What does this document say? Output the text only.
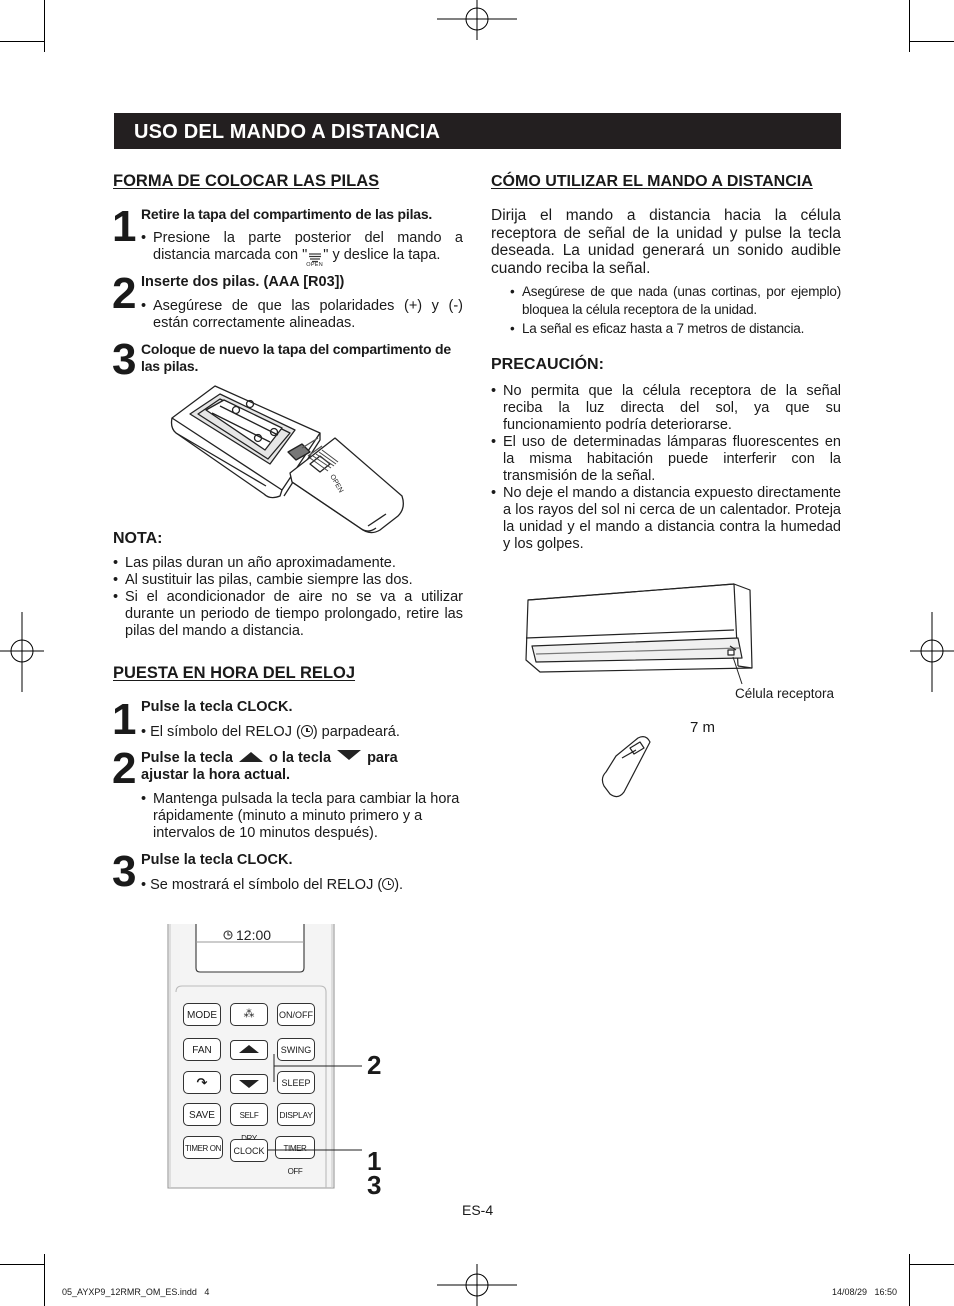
USO DEL MANDO A DISTANCIA
FORMA DE COLOCAR LAS PILAS
1 Retire la tapa del compartimento de las pilas.
• Presione la parte posterior del mando a distancia marcada con "
OPEN
" y deslice la tapa.
2 Inserte dos pilas. (AAA [R03])
• Asegúrese de que las polaridades (+) y (-) están correctamente alineadas.
3 Coloque de nuevo la tapa del compartimento de las pilas.
OPEN
NOTA:
• Las pilas duran un año aproximadamente.
• Al sustituir las pilas, cambie siempre las dos.
• Si el acondicionador de aire no se va a utilizar durante un periodo de tiempo prolongado, retire las pilas del mando a distancia.
PUESTA EN HORA DEL RELOJ
1 Pulse la tecla CLOCK.
• El símbolo del RELOJ ( ) parpadeará.
2 Pulse la tecla o la tecla para
ajustar la hora actual.
• Mantenga pulsada la tecla para cambiar la hora rápidamente (minuto a minuto primero y a intervalos de 10 minutos después).
3 Pulse la tecla CLOCK.
• Se mostrará el símbolo del RELOJ ( ).
12:00
MODE	⁂	ON/OFF
FAN	SWING
↷	SLEEP
SAVE	SELF	DISPLAY
TIMER ON	CLOCK	TIMER OFF
2
1
3
CÓMO UTILIZAR EL MANDO A DISTANCIA
Dirija el mando a distancia hacia la célula receptora de señal de la unidad y pulse la tecla deseada. La unidad generará un sonido audible cuando reciba la señal.
• Asegúrese de que nada (unas cortinas, por ejemplo) bloquea la célula receptora de la unidad.
• La señal es eficaz hasta a 7 metros de distancia.
PRECAUCIÓN:
• No permita que la célula receptora de la señal reciba la luz directa del sol, ya que su funcionamiento podría deteriorarse.
• El uso de determinadas lámparas fluorescentes en la misma habitación puede interferir con la transmisión de la señal.
• No deje el mando a distancia expuesto directamente a los rayos del sol ni cerca de un calentador. Proteja la unidad y el mando a distancia contra la humedad y los golpes.
Célula receptora
7 m
ES-4
05_AYXP9_12RMR_OM_ES.indd   4	14/08/29   16:50
